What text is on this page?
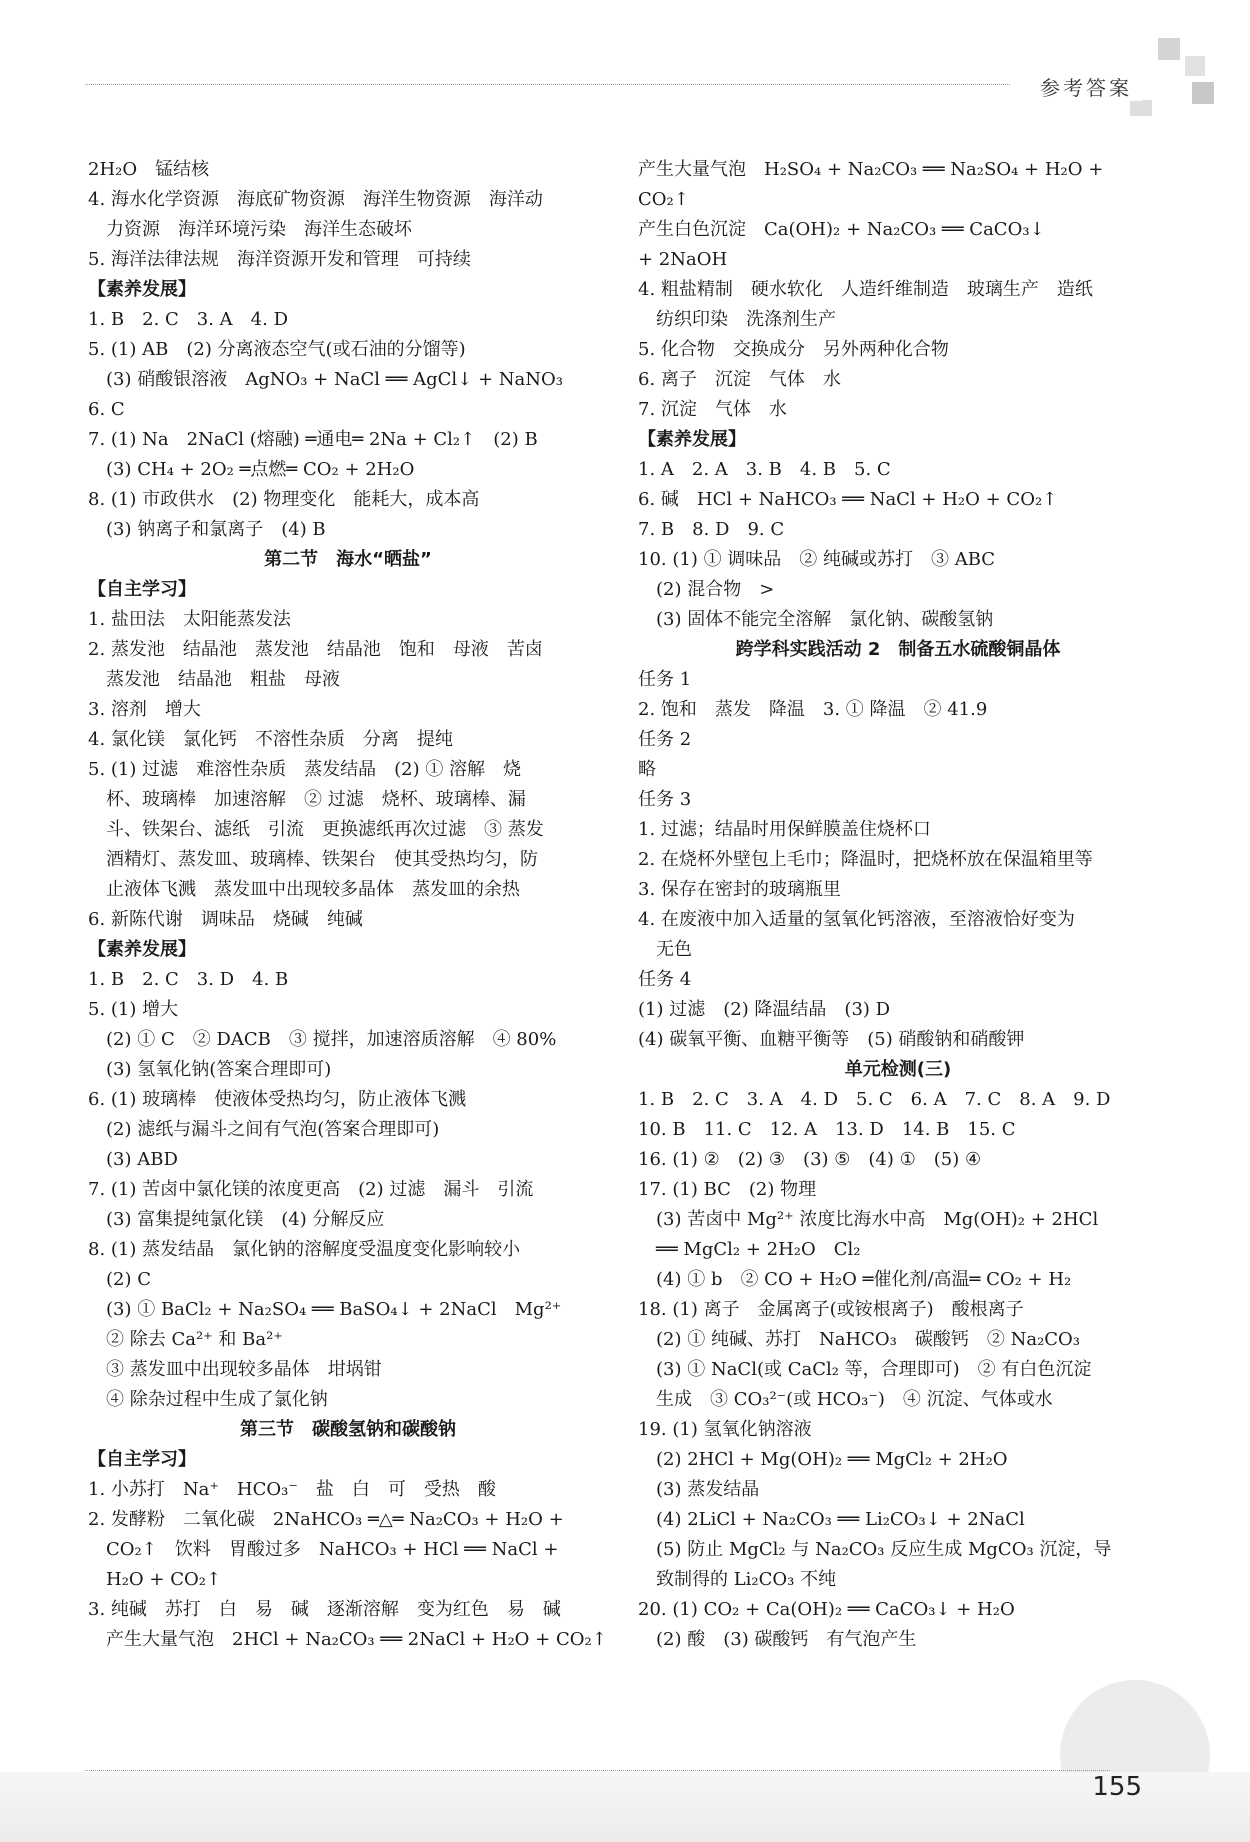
参考答案
2H₂O　锰结核
4. 海水化学资源　海底矿物资源　海洋生物资源　海洋动
　力资源　海洋环境污染　海洋生态破坏
5. 海洋法律法规　海洋资源开发和管理　可持续
【素养发展】
1. B　2. C　3. A　4. D
5. (1) AB　(2) 分离液态空气(或石油的分馏等)
　(3) 硝酸银溶液　AgNO₃ + NaCl ══ AgCl↓ + NaNO₃
6. C
7. (1) Na　2NaCl (熔融) ═通电═ 2Na + Cl₂↑　(2) B
　(3) CH₄ + 2O₂ ═点燃═ CO₂ + 2H₂O
8. (1) 市政供水　(2) 物理变化　能耗大，成本高
　(3) 钠离子和氯离子　(4) B
第二节　海水“晒盐”
【自主学习】
1. 盐田法　太阳能蒸发法
2. 蒸发池　结晶池　蒸发池　结晶池　饱和　母液　苦卤
　蒸发池　结晶池　粗盐　母液
3. 溶剂　增大
4. 氯化镁　氯化钙　不溶性杂质　分离　提纯
5. (1) 过滤　难溶性杂质　蒸发结晶　(2) ① 溶解　烧
　杯、玻璃棒　加速溶解　② 过滤　烧杯、玻璃棒、漏
　斗、铁架台、滤纸　引流　更换滤纸再次过滤　③ 蒸发
　酒精灯、蒸发皿、玻璃棒、铁架台　使其受热均匀，防
　止液体飞溅　蒸发皿中出现较多晶体　蒸发皿的余热
6. 新陈代谢　调味品　烧碱　纯碱
【素养发展】
1. B　2. C　3. D　4. B
5. (1) 增大
　(2) ① C　② DACB　③ 搅拌，加速溶质溶解　④ 80%
　(3) 氢氧化钠(答案合理即可)
6. (1) 玻璃棒　使液体受热均匀，防止液体飞溅
　(2) 滤纸与漏斗之间有气泡(答案合理即可)
　(3) ABD
7. (1) 苦卤中氯化镁的浓度更高　(2) 过滤　漏斗　引流
　(3) 富集提纯氯化镁　(4) 分解反应
8. (1) 蒸发结晶　氯化钠的溶解度受温度变化影响较小
　(2) C
　(3) ① BaCl₂ + Na₂SO₄ ══ BaSO₄↓ + 2NaCl　Mg²⁺
　② 除去 Ca²⁺ 和 Ba²⁺
　③ 蒸发皿中出现较多晶体　坩埚钳
　④ 除杂过程中生成了氯化钠
第三节　碳酸氢钠和碳酸钠
【自主学习】
1. 小苏打　Na⁺　HCO₃⁻　盐　白　可　受热　酸
2. 发酵粉　二氧化碳　2NaHCO₃ ═△═ Na₂CO₃ + H₂O +
　CO₂↑　饮料　胃酸过多　NaHCO₃ + HCl ══ NaCl +
　H₂O + CO₂↑
3. 纯碱　苏打　白　易　碱　逐渐溶解　变为红色　易　碱
　产生大量气泡　2HCl + Na₂CO₃ ══ 2NaCl + H₂O + CO₂↑
产生大量气泡　H₂SO₄ + Na₂CO₃ ══ Na₂SO₄ + H₂O +
CO₂↑
产生白色沉淀　Ca(OH)₂ + Na₂CO₃ ══ CaCO₃↓
+ 2NaOH
4. 粗盐精制　硬水软化　人造纤维制造　玻璃生产　造纸
　纺织印染　洗涤剂生产
5. 化合物　交换成分　另外两种化合物
6. 离子　沉淀　气体　水
7. 沉淀　气体　水
【素养发展】
1. A　2. A　3. B　4. B　5. C
6. 碱　HCl + NaHCO₃ ══ NaCl + H₂O + CO₂↑
7. B　8. D　9. C
10. (1) ① 调味品　② 纯碱或苏打　③ ABC
　(2) 混合物　>
　(3) 固体不能完全溶解　氯化钠、碳酸氢钠
跨学科实践活动 2　制备五水硫酸铜晶体
任务 1
2. 饱和　蒸发　降温　3. ① 降温　② 41.9
任务 2
略
任务 3
1. 过滤；结晶时用保鲜膜盖住烧杯口
2. 在烧杯外壁包上毛巾；降温时，把烧杯放在保温箱里等
3. 保存在密封的玻璃瓶里
4. 在废液中加入适量的氢氧化钙溶液，至溶液恰好变为
　无色
任务 4
(1) 过滤　(2) 降温结晶　(3) D
(4) 碳氧平衡、血糖平衡等　(5) 硝酸钠和硝酸钾
单元检测(三)
1. B　2. C　3. A　4. D　5. C　6. A　7. C　8. A　9. D
10. B　11. C　12. A　13. D　14. B　15. C
16. (1) ②　(2) ③　(3) ⑤　(4) ①　(5) ④
17. (1) BC　(2) 物理
　(3) 苦卤中 Mg²⁺ 浓度比海水中高　Mg(OH)₂ + 2HCl
　══ MgCl₂ + 2H₂O　Cl₂
　(4) ① b　② CO + H₂O ═催化剂/高温═ CO₂ + H₂
18. (1) 离子　金属离子(或铵根离子)　酸根离子
　(2) ① 纯碱、苏打　NaHCO₃　碳酸钙　② Na₂CO₃
　(3) ① NaCl(或 CaCl₂ 等，合理即可)　② 有白色沉淀
　生成　③ CO₃²⁻(或 HCO₃⁻)　④ 沉淀、气体或水
19. (1) 氢氧化钠溶液
　(2) 2HCl + Mg(OH)₂ ══ MgCl₂ + 2H₂O
　(3) 蒸发结晶
　(4) 2LiCl + Na₂CO₃ ══ Li₂CO₃↓ + 2NaCl
　(5) 防止 MgCl₂ 与 Na₂CO₃ 反应生成 MgCO₃ 沉淀，导
　致制得的 Li₂CO₃ 不纯
20. (1) CO₂ + Ca(OH)₂ ══ CaCO₃↓ + H₂O
　(2) 酸　(3) 碳酸钙　有气泡产生
155
